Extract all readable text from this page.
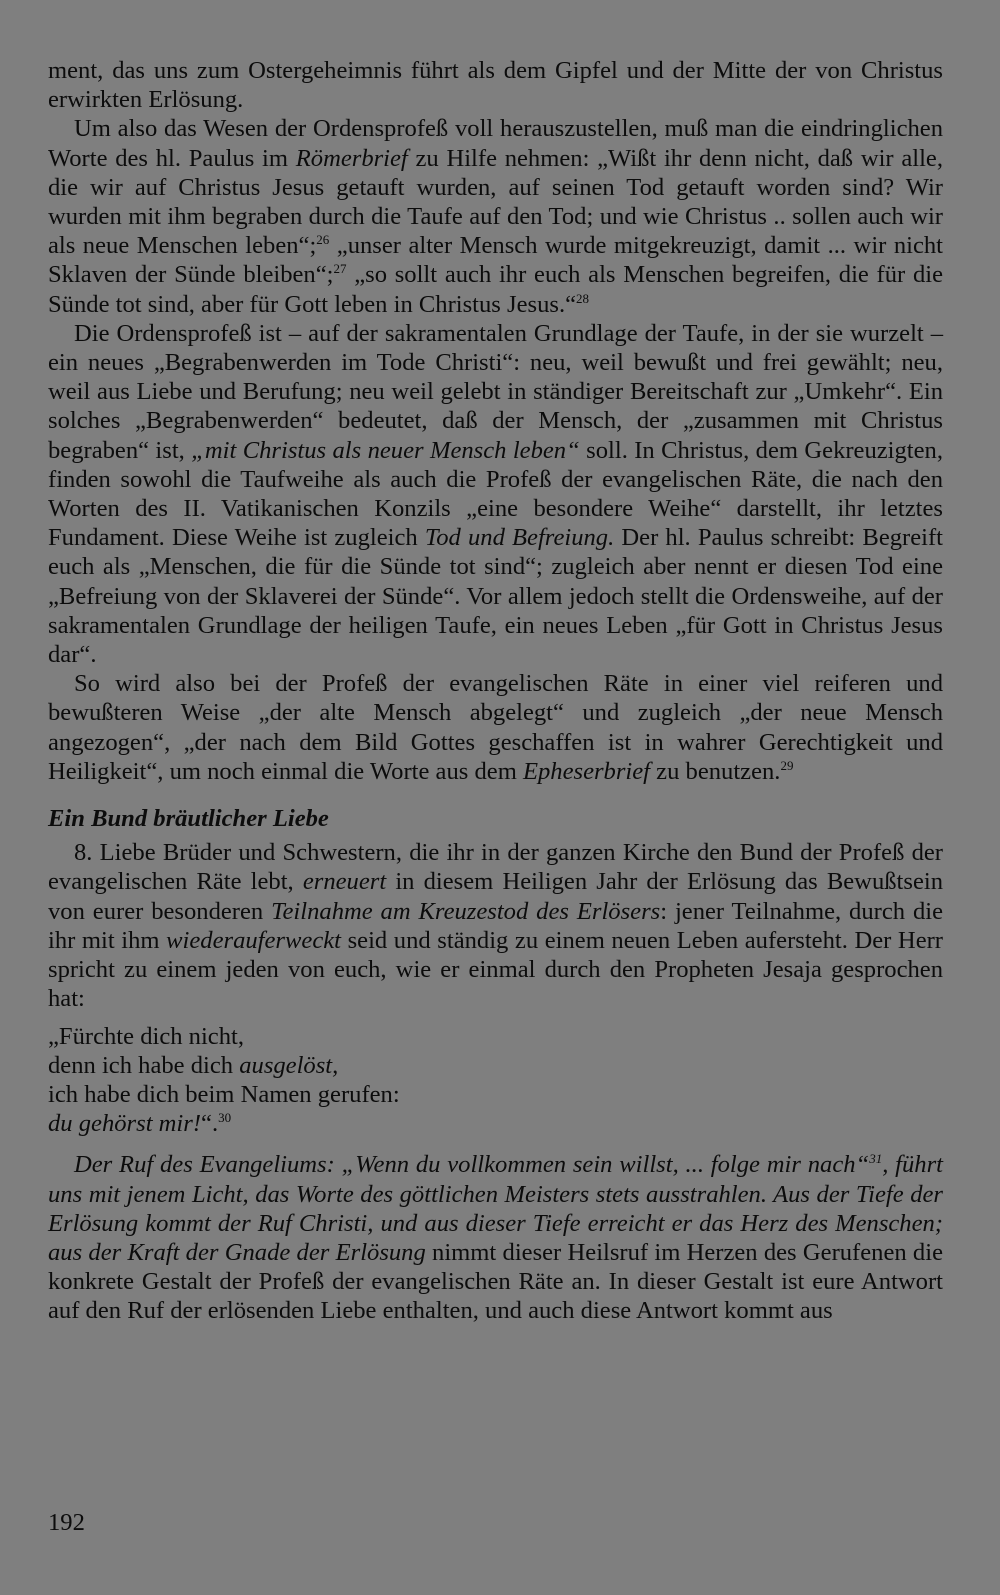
ment, das uns zum Ostergeheimnis führt als dem Gipfel und der Mitte der von Christus erwirkten Erlösung.

Um also das Wesen der Ordensprofeß voll herauszustellen, muß man die eindringlichen Worte des hl. Paulus im Römerbrief zu Hilfe nehmen: „Wißt ihr denn nicht, daß wir alle, die wir auf Christus Jesus getauft wurden, auf seinen Tod getauft worden sind? Wir wurden mit ihm begraben durch die Taufe auf den Tod; und wie Christus .. sollen auch wir als neue Menschen leben“;$^{26}$ „unser alter Mensch wurde mitgekreuzigt, damit ... wir nicht Sklaven der Sünde bleiben“;$^{27}$ „so sollt auch ihr euch als Menschen begreifen, die für die Sünde tot sind, aber für Gott leben in Christus Jesus.“$^{28}$

Die Ordensprofeß ist – auf der sakramentalen Grundlage der Taufe, in der sie wurzelt – ein neues „Begrabenwerden im Tode Christi“: neu, weil bewußt und frei gewählt; neu, weil aus Liebe und Berufung; neu weil gelebt in ständiger Bereitschaft zur „Umkehr“. Ein solches „Begrabenwerden“ bedeutet, daß der Mensch, der „zusammen mit Christus begraben“ ist, „mit Christus als neuer Mensch leben“ soll. In Christus, dem Gekreuzigten, finden sowohl die Taufweihe als auch die Profeß der evangelischen Räte, die nach den Worten des II. Vatikanischen Konzils „eine besondere Weihe“ darstellt, ihr letztes Fundament. Diese Weihe ist zugleich Tod und Befreiung. Der hl. Paulus schreibt: Begreift euch als „Menschen, die für die Sünde tot sind“; zugleich aber nennt er diesen Tod eine „Befreiung von der Sklaverei der Sünde“. Vor allem jedoch stellt die Ordensweihe, auf der sakramentalen Grundlage der heiligen Taufe, ein neues Leben „für Gott in Christus Jesus dar“.

So wird also bei der Profeß der evangelischen Räte in einer viel reiferen und bewußteren Weise „der alte Mensch abgelegt“ und zugleich „der neue Mensch angezogen“, „der nach dem Bild Gottes geschaffen ist in wahrer Gerechtigkeit und Heiligkeit“, um noch einmal die Worte aus dem Epheserbrief zu benutzen.$^{29}$

Ein Bund bräutlicher Liebe

8. Liebe Brüder und Schwestern, die ihr in der ganzen Kirche den Bund der Profeß der evangelischen Räte lebt, erneuert in diesem Heiligen Jahr der Erlösung das Bewußtsein von eurer besonderen Teilnahme am Kreuzestod des Erlösers: jener Teilnahme, durch die ihr mit ihm wiederauferweckt seid und ständig zu einem neuen Leben aufersteht. Der Herr spricht zu einem jeden von euch, wie er einmal durch den Propheten Jesaja gesprochen hat:

„Fürchte dich nicht,
denn ich habe dich ausgelöst,
ich habe dich beim Namen gerufen:
du gehörst mir!“.$^{30}$

Der Ruf des Evangeliums: „Wenn du vollkommen sein willst, ... folge mir nach“$^{31}$, führt uns mit jenem Licht, das Worte des göttlichen Meisters stets ausstrahlen. Aus der Tiefe der Erlösung kommt der Ruf Christi, und aus dieser Tiefe erreicht er das Herz des Menschen; aus der Kraft der Gnade der Erlösung nimmt dieser Heilsruf im Herzen des Gerufenen die konkrete Gestalt der Profeß der evangelischen Räte an. In dieser Gestalt ist eure Antwort auf den Ruf der erlösenden Liebe enthalten, und auch diese Antwort kommt aus

192
